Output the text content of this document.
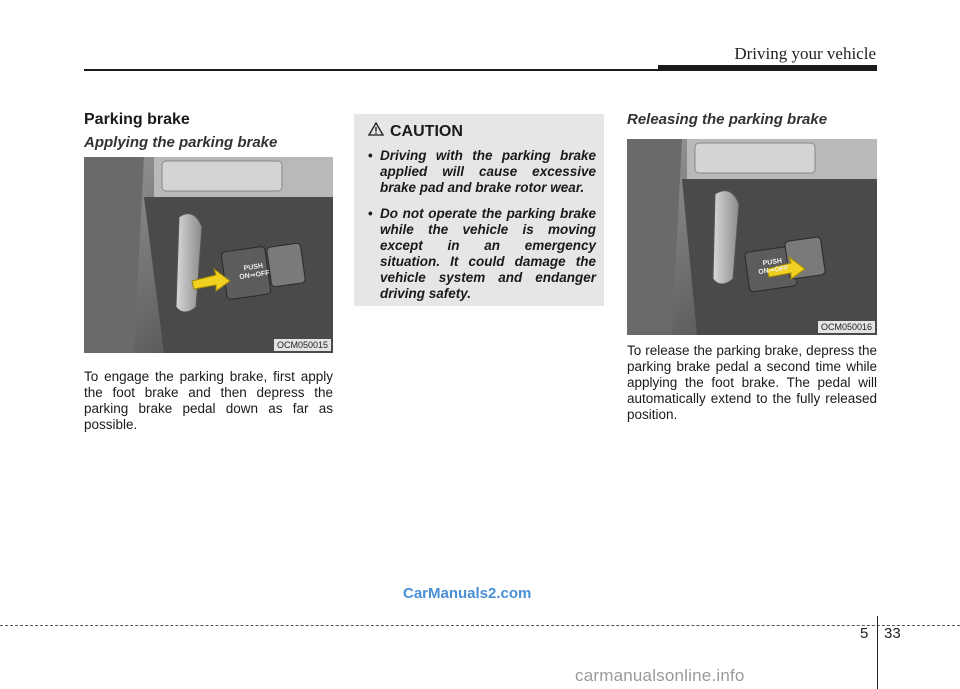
Driving your vehicle
Parking brake
Applying the parking brake
PUSH ON⇒OFF
OCM050015
To engage the parking brake, first apply the foot brake and then depress the parking brake pedal down as far as possible.
CAUTION
• Driving with the parking brake applied will cause excessive brake pad and brake rotor wear.
• Do not operate the parking brake while the vehicle is moving except in an emergency situation. It could damage the vehicle system and endanger driving safety.
Releasing the parking brake
PUSH ON⇒OFF
OCM050016
To release the parking brake, depress the parking brake pedal a second time while applying the foot brake. The pedal will automatically extend to the fully released position.
CarManuals2.com
5 33
carmanualsonline.info
